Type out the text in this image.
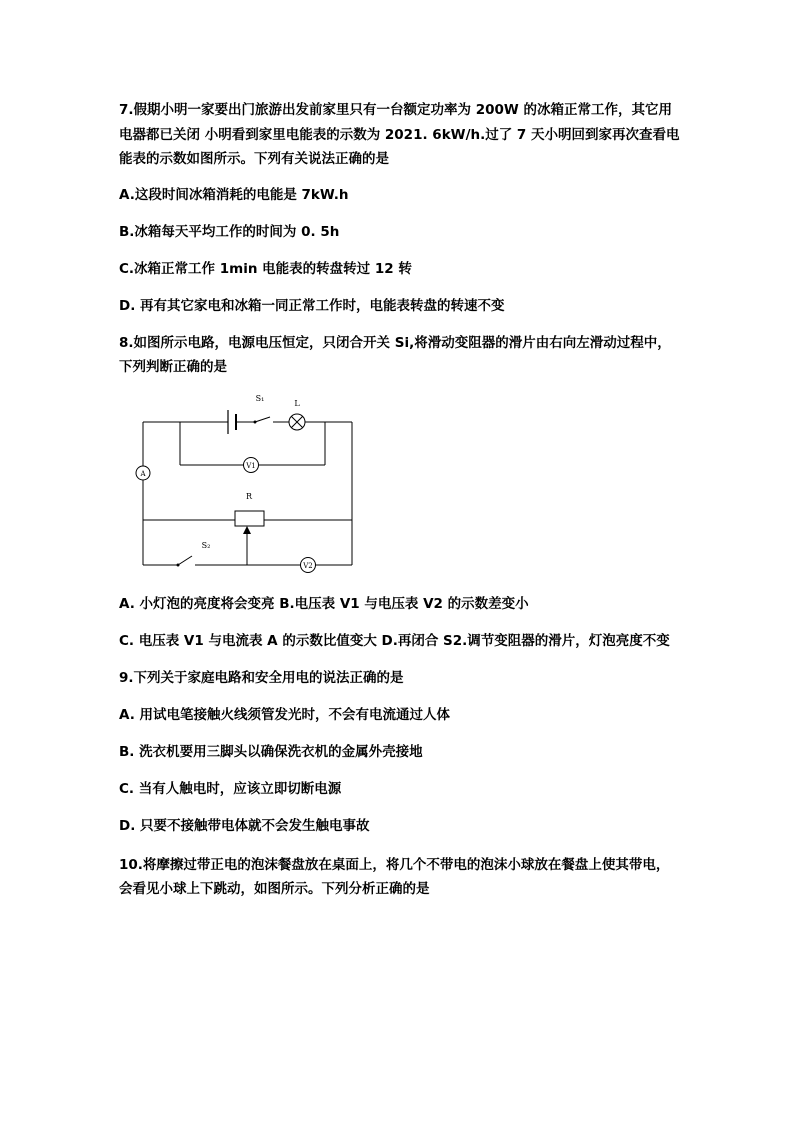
7.假期小明一家要出门旅游出发前家里只有一台额定功率为 200W 的冰箱正常工作，其它用
电器都已关闭 小明看到家里电能表的示数为 2021. 6kW/h.过了 7 天小明回到家再次查看电
能表的示数如图所示。下列有关说法正确的是
A.这段时间冰箱消耗的电能是 7kW.h
B.冰箱每天平均工作的时间为 0. 5h
C.冰箱正常工作 1min 电能表的转盘转过 12 转
D. 再有其它家电和冰箱一同正常工作时，电能表转盘的转速不变
8.如图所示电路，电源电压恒定，只闭合开关 Si,将滑动变阻器的滑片由右向左滑动过程中，
下列判断正确的是
V1
A
V2
S₁
L
R
S₂
A. 小灯泡的亮度将会变亮 B.电压表 V1 与电压表 V2 的示数差变小
C. 电压表 V1 与电流表 A 的示数比值变大 D.再闭合 S2.调节变阻器的滑片，灯泡亮度不变
9.下列关于家庭电路和安全用电的说法正确的是
A. 用试电笔接触火线须管发光时，不会有电流通过人体
B. 洗衣机要用三脚头以确保洗衣机的金属外壳接地
C. 当有人触电时，应该立即切断电源
D. 只要不接触带电体就不会发生触电事故
10.将摩擦过带正电的泡沫餐盘放在桌面上，将几个不带电的泡沫小球放在餐盘上使其带电，
会看见小球上下跳动，如图所示。下列分析正确的是
